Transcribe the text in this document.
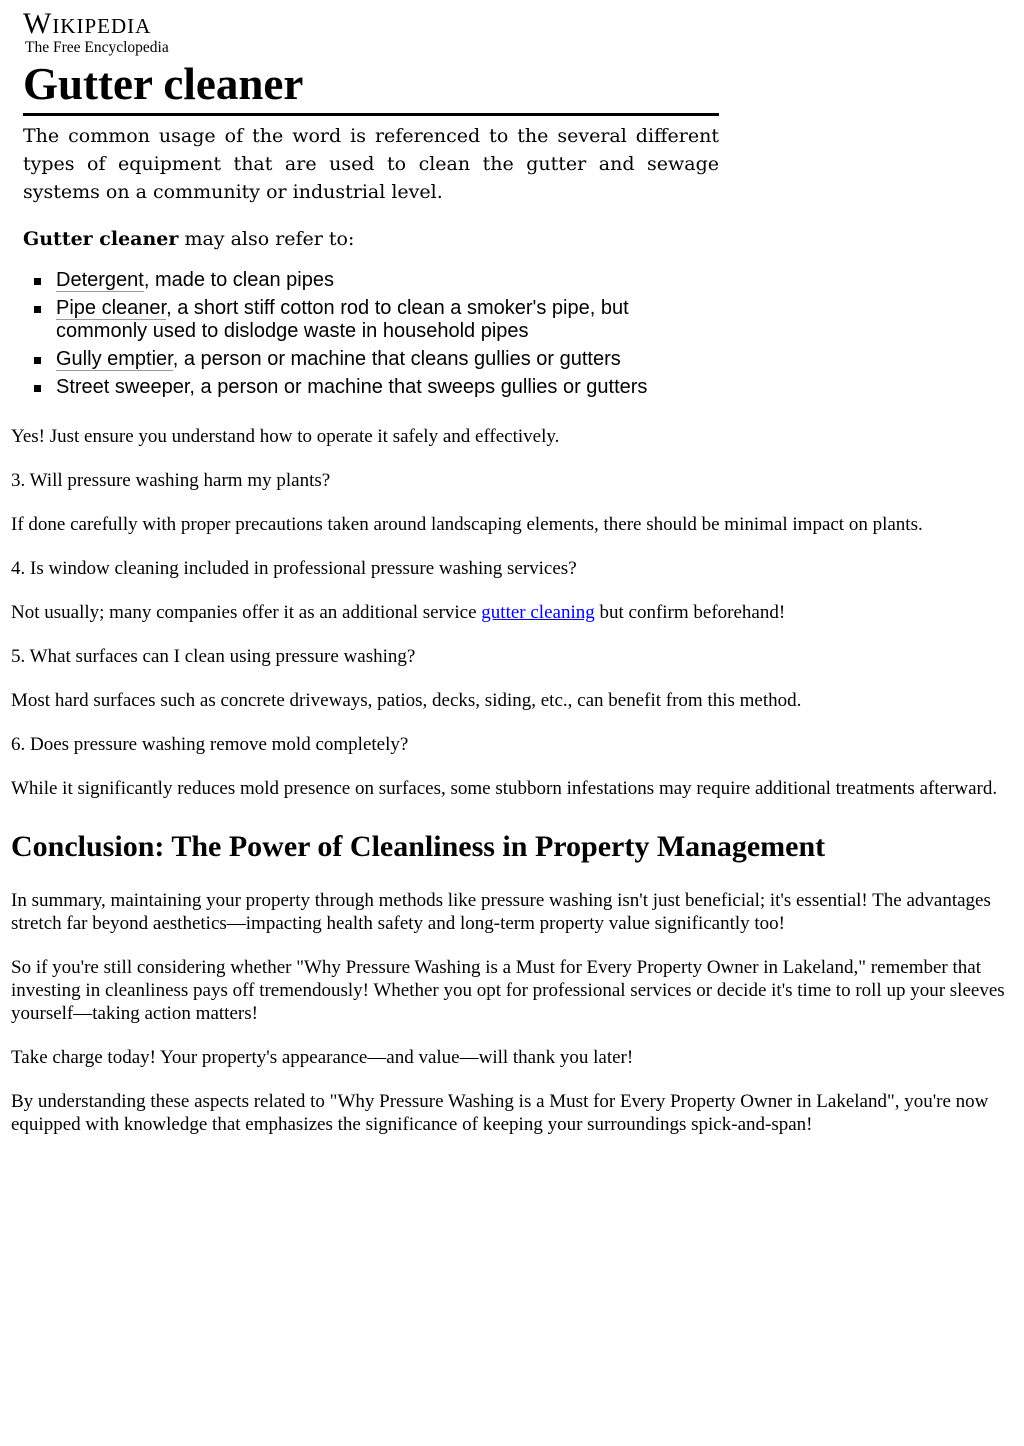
Wikipedia
The Free Encyclopedia
Gutter cleaner

The common usage of the word is referenced to the several different types of equipment that are used to clean the gutter and sewage systems on a community or industrial level.

Gutter cleaner may also refer to:

Detergent, made to clean pipes
Pipe cleaner, a short stiff cotton rod to clean a smoker's pipe, but commonly used to dislodge waste in household pipes
Gully emptier, a person or machine that cleans gullies or gutters
Street sweeper, a person or machine that sweeps gullies or gutters

Yes! Just ensure you understand how to operate it safely and effectively.

3. Will pressure washing harm my plants?

If done carefully with proper precautions taken around landscaping elements, there should be minimal impact on plants.

4. Is window cleaning included in professional pressure washing services?

Not usually; many companies offer it as an additional service gutter cleaning but confirm beforehand!

5. What surfaces can I clean using pressure washing?

Most hard surfaces such as concrete driveways, patios, decks, siding, etc., can benefit from this method.

6. Does pressure washing remove mold completely?

While it significantly reduces mold presence on surfaces, some stubborn infestations may require additional treatments afterward.

Conclusion: The Power of Cleanliness in Property Management

In summary, maintaining your property through methods like pressure washing isn't just beneficial; it's essential! The advantages stretch far beyond aesthetics—impacting health safety and long-term property value significantly too!

So if you're still considering whether "Why Pressure Washing is a Must for Every Property Owner in Lakeland," remember that investing in cleanliness pays off tremendously! Whether you opt for professional services or decide it's time to roll up your sleeves yourself—taking action matters!

Take charge today! Your property's appearance—and value—will thank you later!

By understanding these aspects related to "Why Pressure Washing is a Must for Every Property Owner in Lakeland", you're now equipped with knowledge that emphasizes the significance of keeping your surroundings spick-and-span!
